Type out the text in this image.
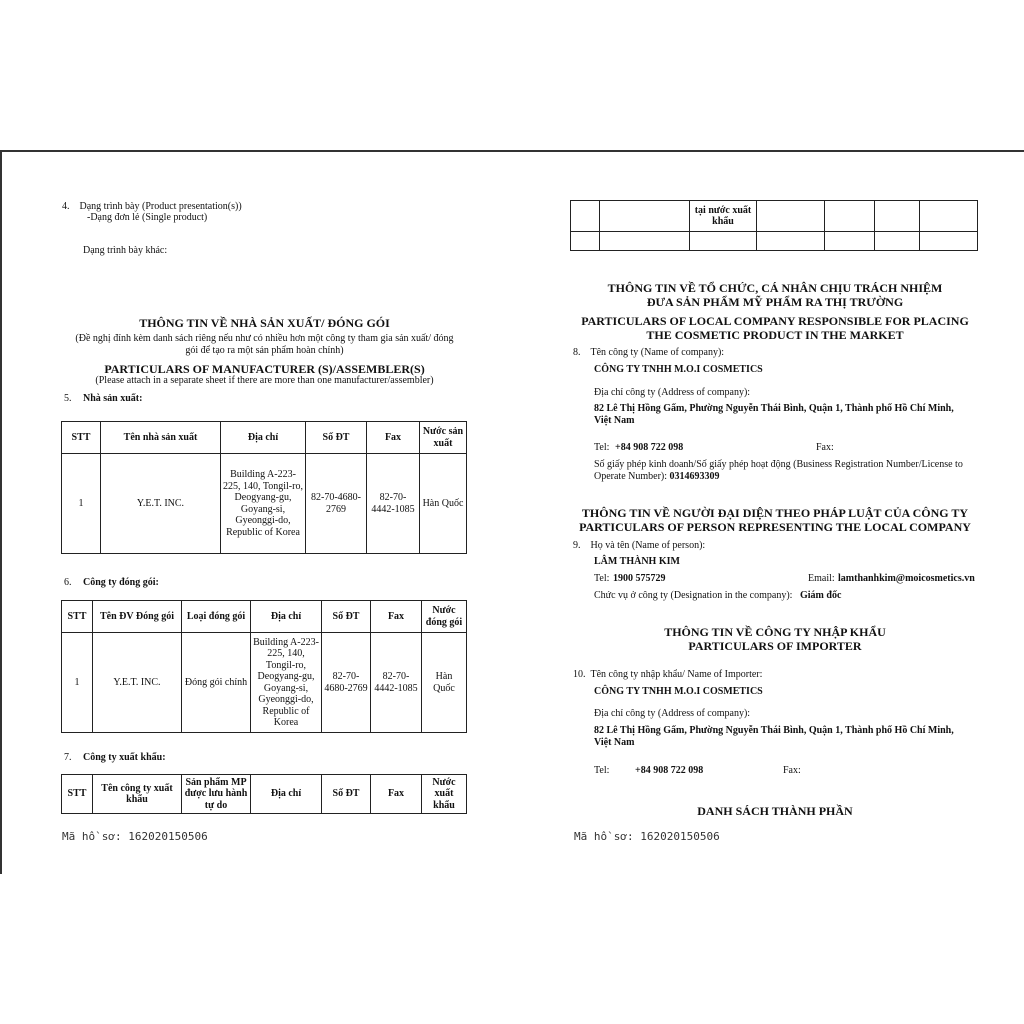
4.    Dạng trình bày (Product presentation(s))
-Dạng đơn lẻ (Single product)
Dạng trình bày khác:
THÔNG TIN VỀ NHÀ SẢN XUẤT/ ĐÓNG GÓI
(Đề nghị đính kèm danh sách riêng nếu như có nhiều hơn một công ty tham gia sản xuất/ đóng
gói để tạo ra một sản phẩm hoàn chỉnh)
PARTICULARS OF MANUFACTURER (S)/ASSEMBLER(S)
(Please attach in a separate sheet if there are more than one manufacturer/assembler)
5. Nhà sản xuất:
STT	Tên nhà sản xuất	Địa chỉ	Số ĐT	Fax	Nước sản xuất
1	Y.E.T. INC.	Building A-223-225, 140, Tongil-ro, Deogyang-gu, Goyang-si, Gyeonggi-do, Republic of Korea	82-70-4680-2769	82-70-4442-1085	Hàn Quốc
6. Công ty đóng gói:
STT	Tên ĐV Đóng gói	Loại đóng gói	Địa chỉ	Số ĐT	Fax	Nước đóng gói
1	Y.E.T. INC.	Đóng gói chính	Building A-223-225, 140, Tongil-ro, Deogyang-gu, Goyang-si, Gyeonggi-do, Republic of Korea	82-70-4680-2769	82-70-4442-1085	Hàn Quốc
7. Công ty xuất khẩu:
STT	Tên công ty xuất khẩu	Sản phẩm MP được lưu hành tự do	Địa chỉ	Số ĐT	Fax	Nước xuất khẩu
Mã hồ sơ: 162020150506
		tại nước xuất khẩu				

THÔNG TIN VỀ TỔ CHỨC, CÁ NHÂN CHỊU TRÁCH NHIỆM
ĐƯA SẢN PHẨM MỸ PHẨM RA THỊ TRƯỜNG
PARTICULARS OF LOCAL COMPANY RESPONSIBLE FOR PLACING
THE COSMETIC PRODUCT IN THE MARKET
8.    Tên công ty (Name of company):
CÔNG TY TNHH M.O.I COSMETICS
Địa chỉ công ty (Address of company):
82 Lê Thị Hồng Gấm, Phường Nguyễn Thái Bình, Quận 1, Thành phố Hồ Chí Minh,
Việt Nam
Tel: +84 908 722 098	Fax:
Số giấy phép kinh doanh/Số giấy phép hoạt động (Business Registration Number/License to
Operate Number): 0314693309
THÔNG TIN VỀ NGƯỜI ĐẠI DIỆN THEO PHÁP LUẬT CỦA CÔNG TY
PARTICULARS OF PERSON REPRESENTING THE LOCAL COMPANY
9.    Họ và tên (Name of person):
LÂM THÀNH KIM
Tel: 1900 575729	Email: lamthanhkim@moicosmetics.vn
Chức vụ ở công ty (Designation in the company): Giám đốc
THÔNG TIN VỀ CÔNG TY NHẬP KHẨU
PARTICULARS OF IMPORTER
10.  Tên công ty nhập khẩu/ Name of Importer:
CÔNG TY TNHH M.O.I COSMETICS
Địa chỉ công ty (Address of company):
82 Lê Thị Hồng Gấm, Phường Nguyễn Thái Bình, Quận 1, Thành phố Hồ Chí Minh,
Việt Nam
Tel:	+84 908 722 098	Fax:
DANH SÁCH THÀNH PHẦN
Mã hồ sơ: 162020150506
